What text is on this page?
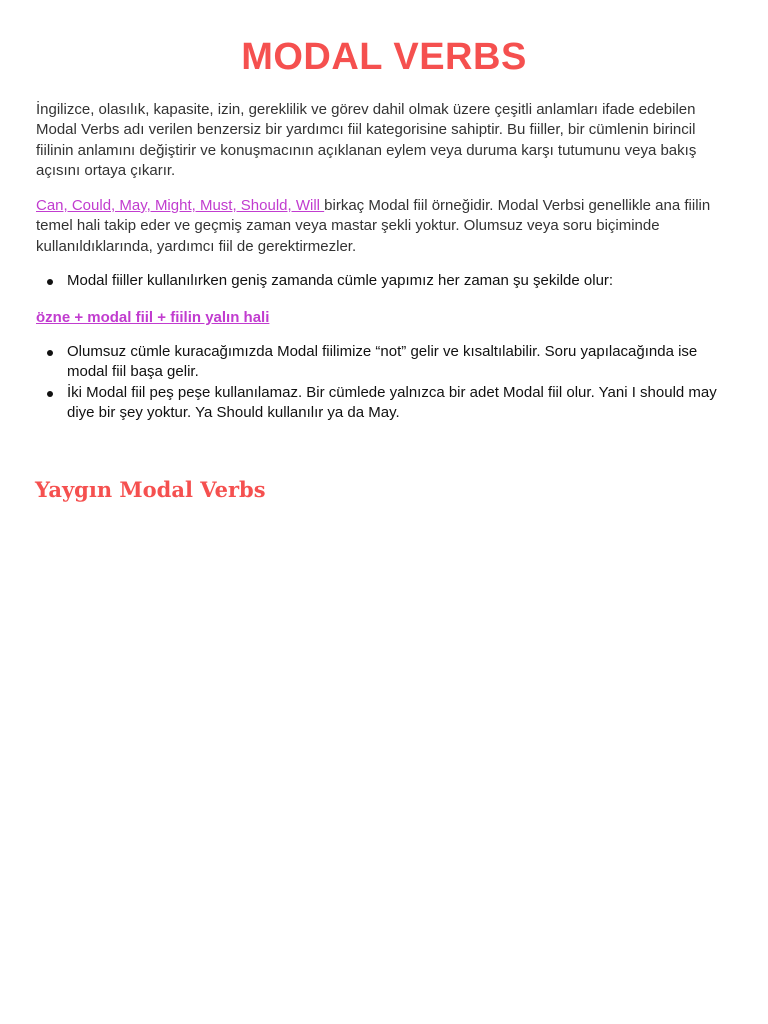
MODAL VERBS

İngilizce, olasılık, kapasite, izin, gereklilik ve görev dahil olmak üzere çeşitli anlamları ifade edebilen Modal Verbs adı verilen benzersiz bir yardımcı fiil kategorisine sahiptir. Bu fiiller, bir cümlenin birincil fiilinin anlamını değiştirir ve konuşmacının açıklanan eylem veya duruma karşı tutumunu veya bakış açısını ortaya çıkarır.

Can, Could, May, Might, Must, Should, Will birkaç Modal fiil örneğidir. Modal Verbsi genellikle ana fiilin temel hali takip eder ve geçmiş zaman veya mastar şekli yoktur. Olumsuz veya soru biçiminde kullanıldıklarında, yardımcı fiil de gerektirmezler.

Modal fiiller kullanılırken geniş zamanda cümle yapımız her zaman şu şekilde olur:
özne + modal fiil + fiilin yalın hali
Olumsuz cümle kuracağımızda Modal fiilimize “not” gelir ve kısaltılabilir. Soru yapılacağında ise modal fiil başa gelir.
İki Modal fiil peş peşe kullanılamaz. Bir cümlede yalnızca bir adet Modal fiil olur. Yani I should may diye bir şey yoktur. Ya Should kullanılır ya da May.
Yaygın Modal Verbs
